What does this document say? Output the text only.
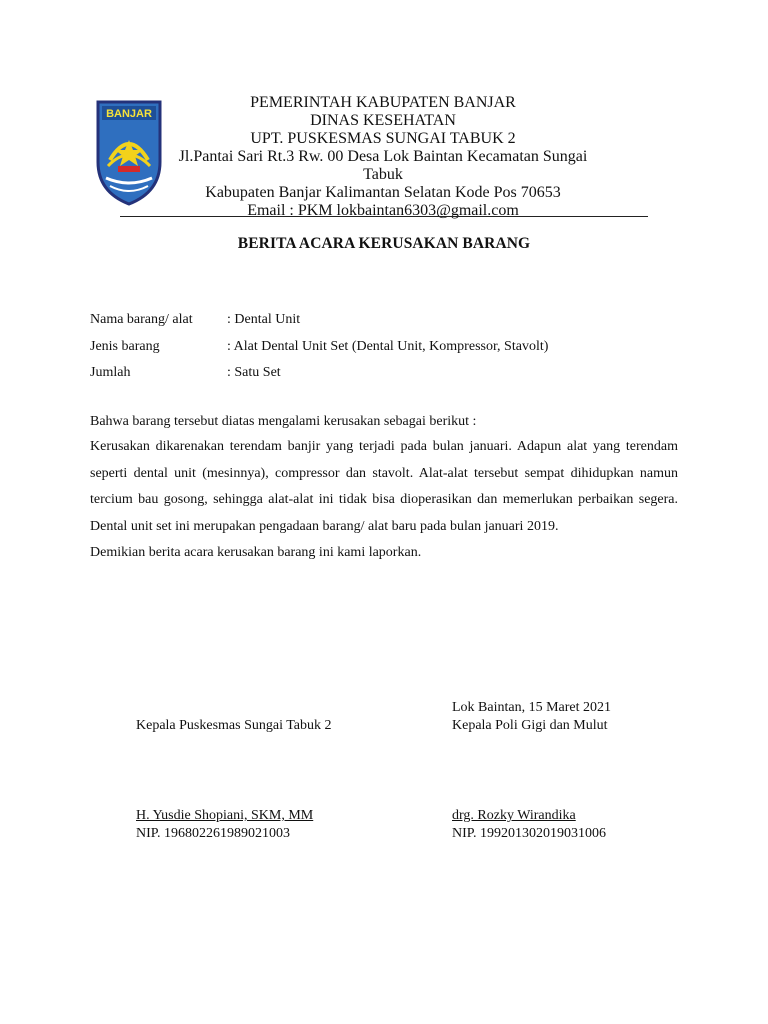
BANJAR
PEMERINTAH KABUPATEN BANJAR
DINAS KESEHATAN
UPT. PUSKESMAS SUNGAI TABUK 2
Jl.Pantai Sari Rt.3 Rw. 00 Desa Lok Baintan Kecamatan Sungai Tabuk
Kabupaten Banjar Kalimantan Selatan Kode Pos 70653
Email : PKM lokbaintan6303@gmail.com
BERITA ACARA KERUSAKAN BARANG
Nama barang/ alat	: Dental Unit
Jenis barang	: Alat Dental Unit Set (Dental Unit, Kompressor, Stavolt)
Jumlah	: Satu Set

Bahwa barang tersebut diatas mengalami kerusakan sebagai berikut :

Kerusakan dikarenakan terendam banjir yang terjadi pada bulan januari. Adapun alat yang terendam seperti dental unit (mesinnya), compressor dan stavolt. Alat-alat tersebut sempat dihidupkan namun tercium bau gosong, sehingga alat-alat ini tidak bisa dioperasikan dan memerlukan perbaikan segera. Dental unit set ini merupakan pengadaan barang/ alat baru pada bulan januari 2019.

Demikian berita acara kerusakan barang ini kami laporkan.

Lok Baintan, 15 Maret 2021
Kepala Puskesmas Sungai Tabuk 2	Kepala Poli Gigi dan Mulut
H. Yusdie Shopiani, SKM, MM	drg. Rozky Wirandika
NIP. 196802261989021003	NIP. 199201302019031006
